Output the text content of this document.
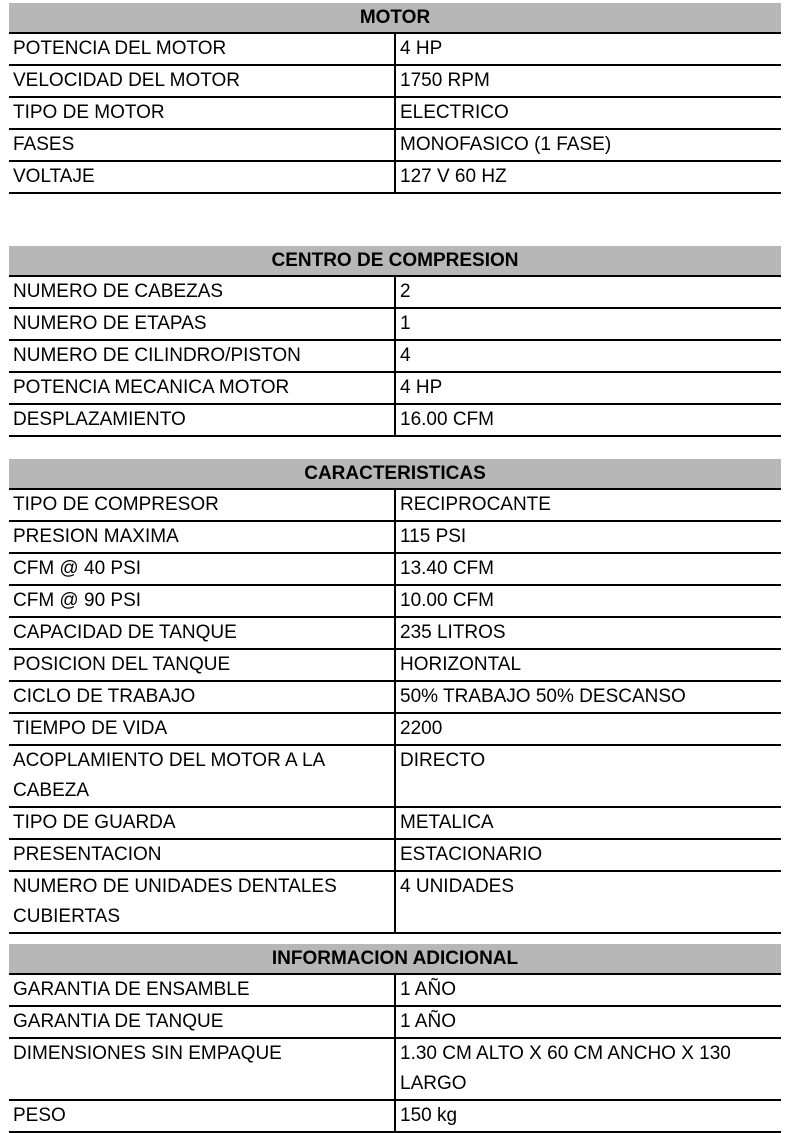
MOTOR	
POTENCIA DEL MOTOR	4 HP
VELOCIDAD DEL MOTOR	1750 RPM
TIPO DE MOTOR	ELECTRICO
FASES	MONOFASICO (1 FASE)
VOLTAJE	127 V 60 HZ
CENTRO DE COMPRESION	
NUMERO DE CABEZAS	2
NUMERO DE ETAPAS	1
NUMERO DE CILINDRO/PISTON	4
POTENCIA MECANICA MOTOR	4 HP
DESPLAZAMIENTO	16.00 CFM
CARACTERISTICAS	
TIPO DE COMPRESOR	RECIPROCANTE
PRESION MAXIMA	115 PSI
CFM @ 40 PSI	13.40 CFM
CFM @ 90 PSI	10.00 CFM
CAPACIDAD DE TANQUE	235 LITROS
POSICION DEL TANQUE	HORIZONTAL
CICLO DE TRABAJO	50% TRABAJO 50% DESCANSO
TIEMPO DE VIDA	2200
ACOPLAMIENTO DEL MOTOR A LA CABEZA	DIRECTO
TIPO DE GUARDA	METALICA
PRESENTACION	ESTACIONARIO
NUMERO DE UNIDADES DENTALES CUBIERTAS	4 UNIDADES
INFORMACION ADICIONAL	
GARANTIA DE ENSAMBLE	1 AÑO
GARANTIA DE TANQUE	1 AÑO
DIMENSIONES SIN EMPAQUE	1.30 CM ALTO X 60 CM ANCHO X 130 LARGO
PESO	150 kg
